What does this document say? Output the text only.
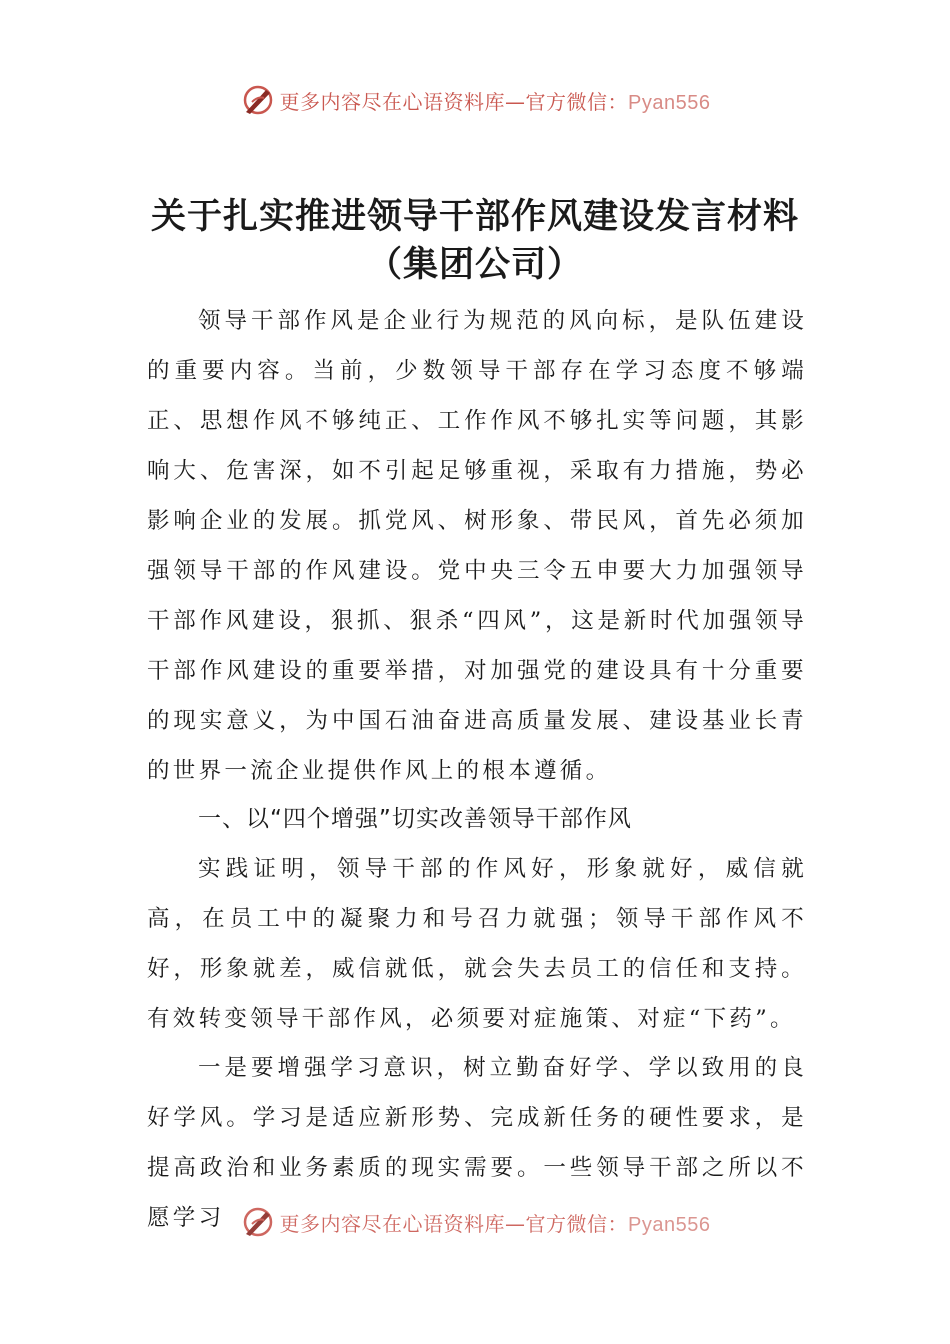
更多内容尽在心语资料库—官方微信：Pyan556
关于扎实推进领导干部作风建设发言材料
（集团公司）

领导干部作风是企业行为规范的风向标，是队伍建设的重要内容。当前，少数领导干部存在学习态度不够端正、思想作风不够纯正、工作作风不够扎实等问题，其影响大、危害深，如不引起足够重视，采取有力措施，势必影响企业的发展。抓党风、树形象、带民风，首先必须加强领导干部的作风建设。党中央三令五申要大力加强领导干部作风建设，狠抓、狠杀“四风”，这是新时代加强领导干部作风建设的重要举措，对加强党的建设具有十分重要的现实意义，为中国石油奋进高质量发展、建设基业长青的世界一流企业提供作风上的根本遵循。

一、以“四个增强”切实改善领导干部作风

实践证明，领导干部的作风好，形象就好，威信就高，在员工中的凝聚力和号召力就强；领导干部作风不好，形象就差，威信就低，就会失去员工的信任和支持。有效转变领导干部作风，必须要对症施策、对症“下药”。

一是要增强学习意识，树立勤奋好学、学以致用的良好学风。学习是适应新形势、完成新任务的硬性要求，是提高政治和业务素质的现实需要。一些领导干部之所以不愿学习	更多内容尽在心语资料库—官方微信：Pyan556
